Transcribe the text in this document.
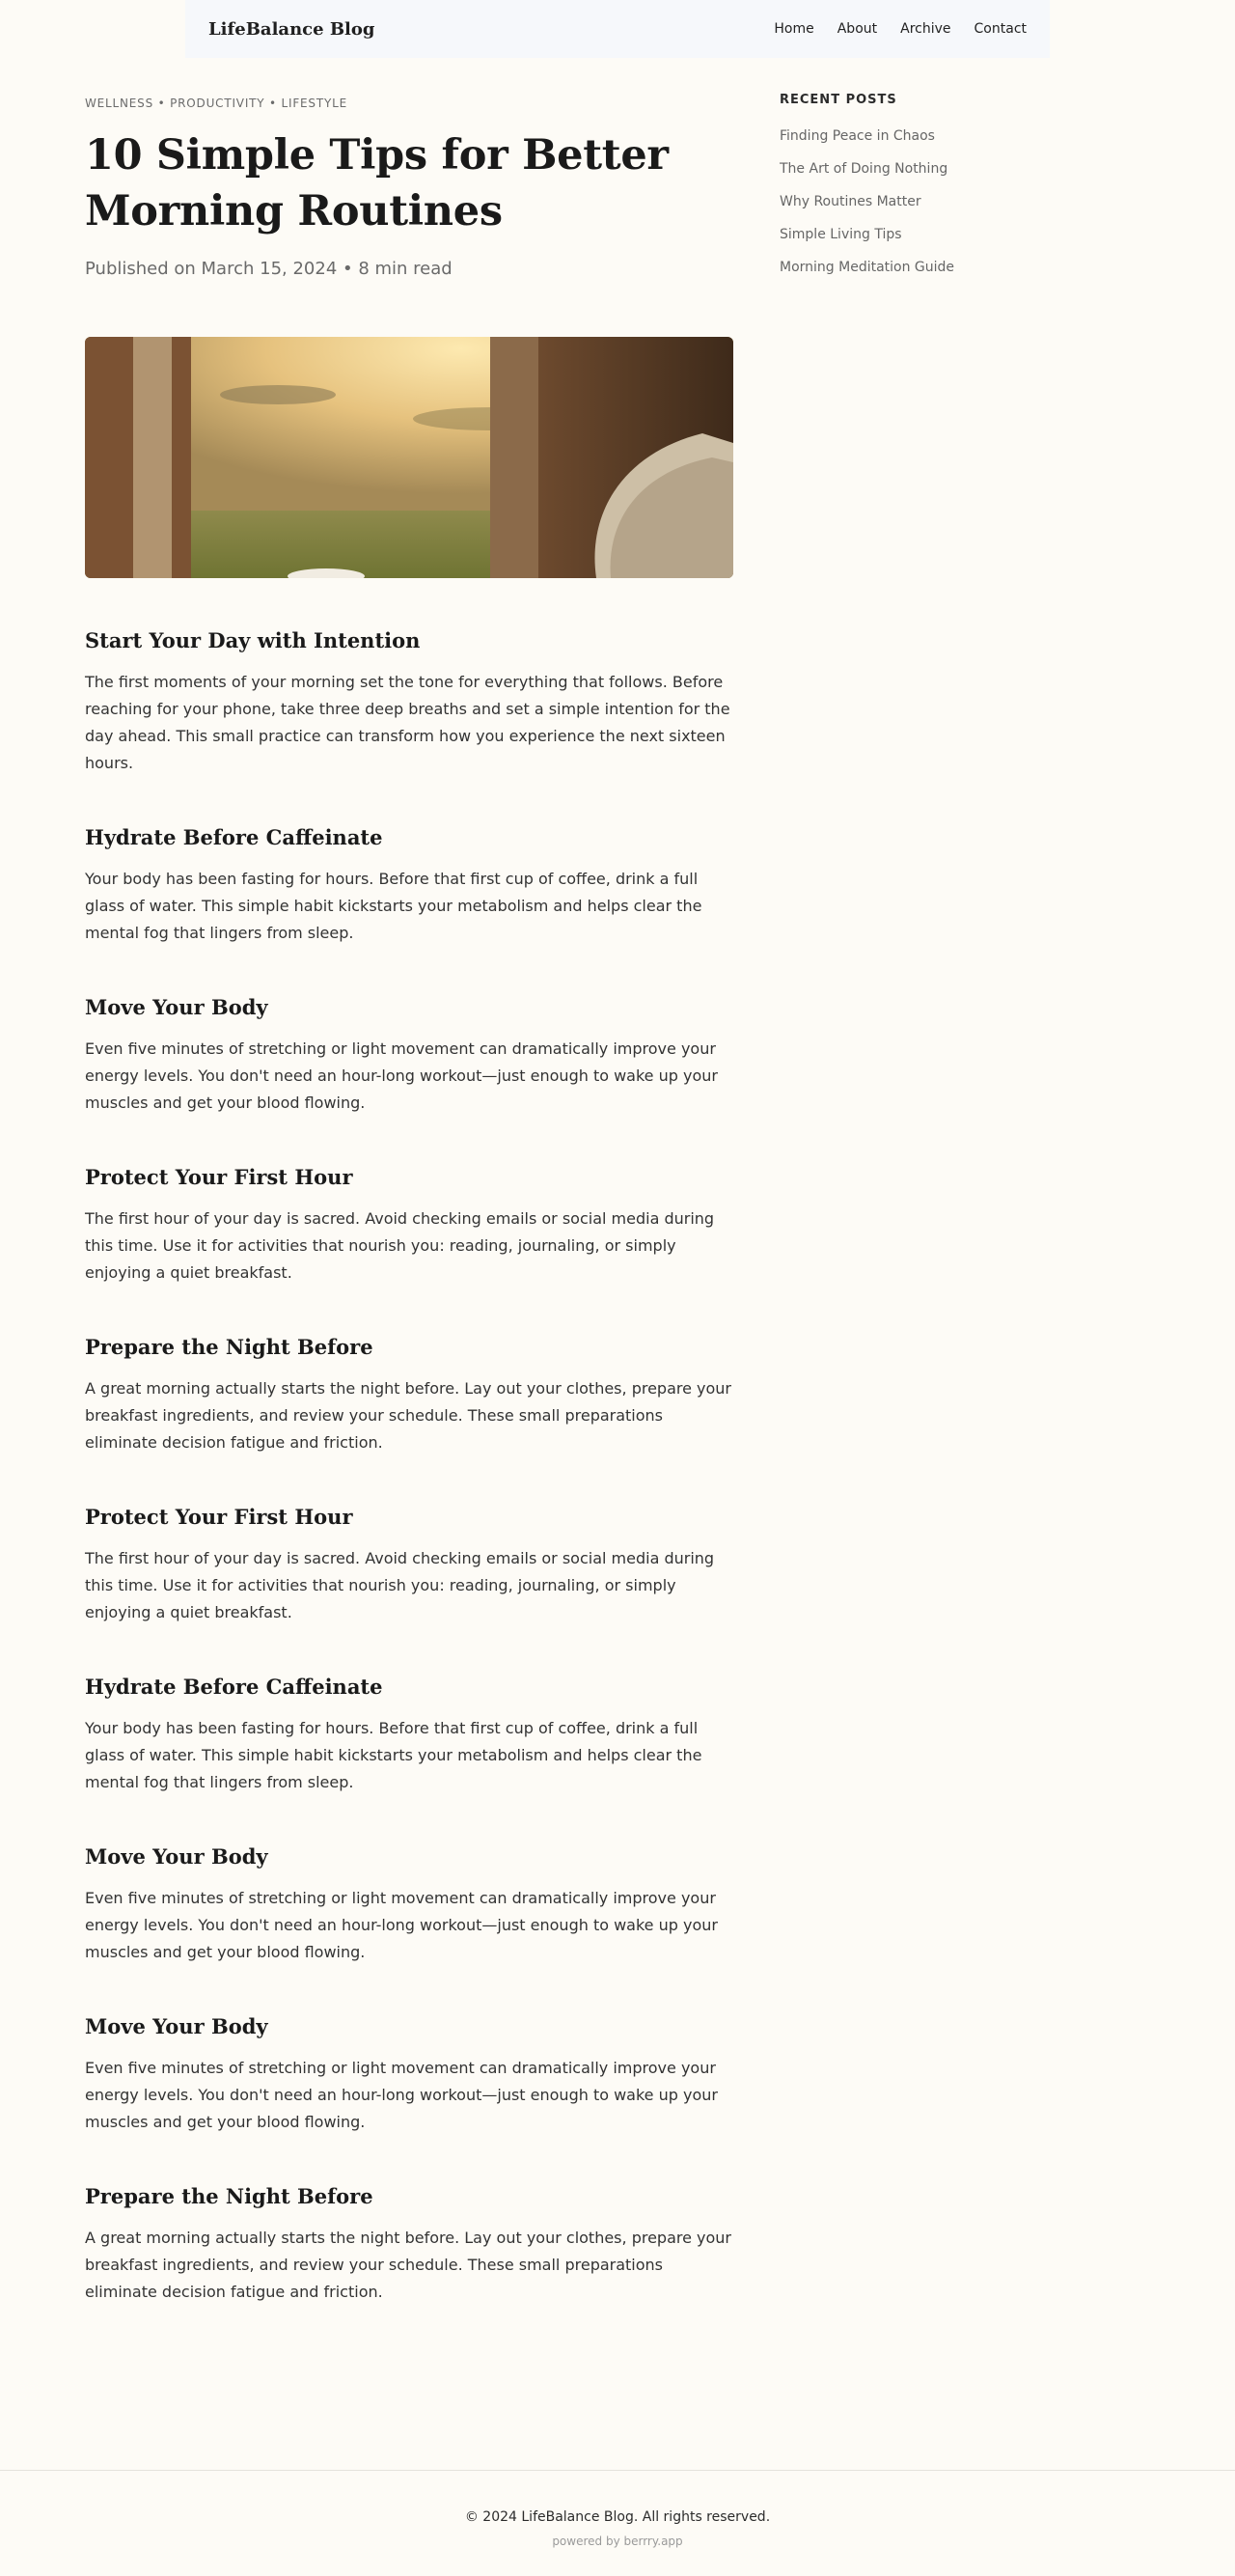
LifeBalance Blog	Home About Archive Contact
WELLNESS • PRODUCTIVITY • LIFESTYLE
10 Simple Tips for Better Morning Routines
Published on March 15, 2024 • 8 min read
Start Your Day with Intention

The first moments of your morning set the tone for everything that follows. Before reaching for your phone, take three deep breaths and set a simple intention for the day ahead. This small practice can transform how you experience the next sixteen hours.

Hydrate Before Caffeinate

Your body has been fasting for hours. Before that first cup of coffee, drink a full glass of water. This simple habit kickstarts your metabolism and helps clear the mental fog that lingers from sleep.

Move Your Body

Even five minutes of stretching or light movement can dramatically improve your energy levels. You don't need an hour-long workout—just enough to wake up your muscles and get your blood flowing.

Protect Your First Hour

The first hour of your day is sacred. Avoid checking emails or social media during this time. Use it for activities that nourish you: reading, journaling, or simply enjoying a quiet breakfast.

Prepare the Night Before

A great morning actually starts the night before. Lay out your clothes, prepare your breakfast ingredients, and review your schedule. These small preparations eliminate decision fatigue and friction.

Protect Your First Hour

The first hour of your day is sacred. Avoid checking emails or social media during this time. Use it for activities that nourish you: reading, journaling, or simply enjoying a quiet breakfast.

Hydrate Before Caffeinate

Your body has been fasting for hours. Before that first cup of coffee, drink a full glass of water. This simple habit kickstarts your metabolism and helps clear the mental fog that lingers from sleep.

Move Your Body

Even five minutes of stretching or light movement can dramatically improve your energy levels. You don't need an hour-long workout—just enough to wake up your muscles and get your blood flowing.

Move Your Body

Even five minutes of stretching or light movement can dramatically improve your energy levels. You don't need an hour-long workout—just enough to wake up your muscles and get your blood flowing.

Prepare the Night Before

A great morning actually starts the night before. Lay out your clothes, prepare your breakfast ingredients, and review your schedule. These small preparations eliminate decision fatigue and friction.

RECENT POSTS
Finding Peace in Chaos
The Art of Doing Nothing
Why Routines Matter
Simple Living Tips
Morning Meditation Guide
© 2024 LifeBalance Blog. All rights reserved.
powered by berrry.app
